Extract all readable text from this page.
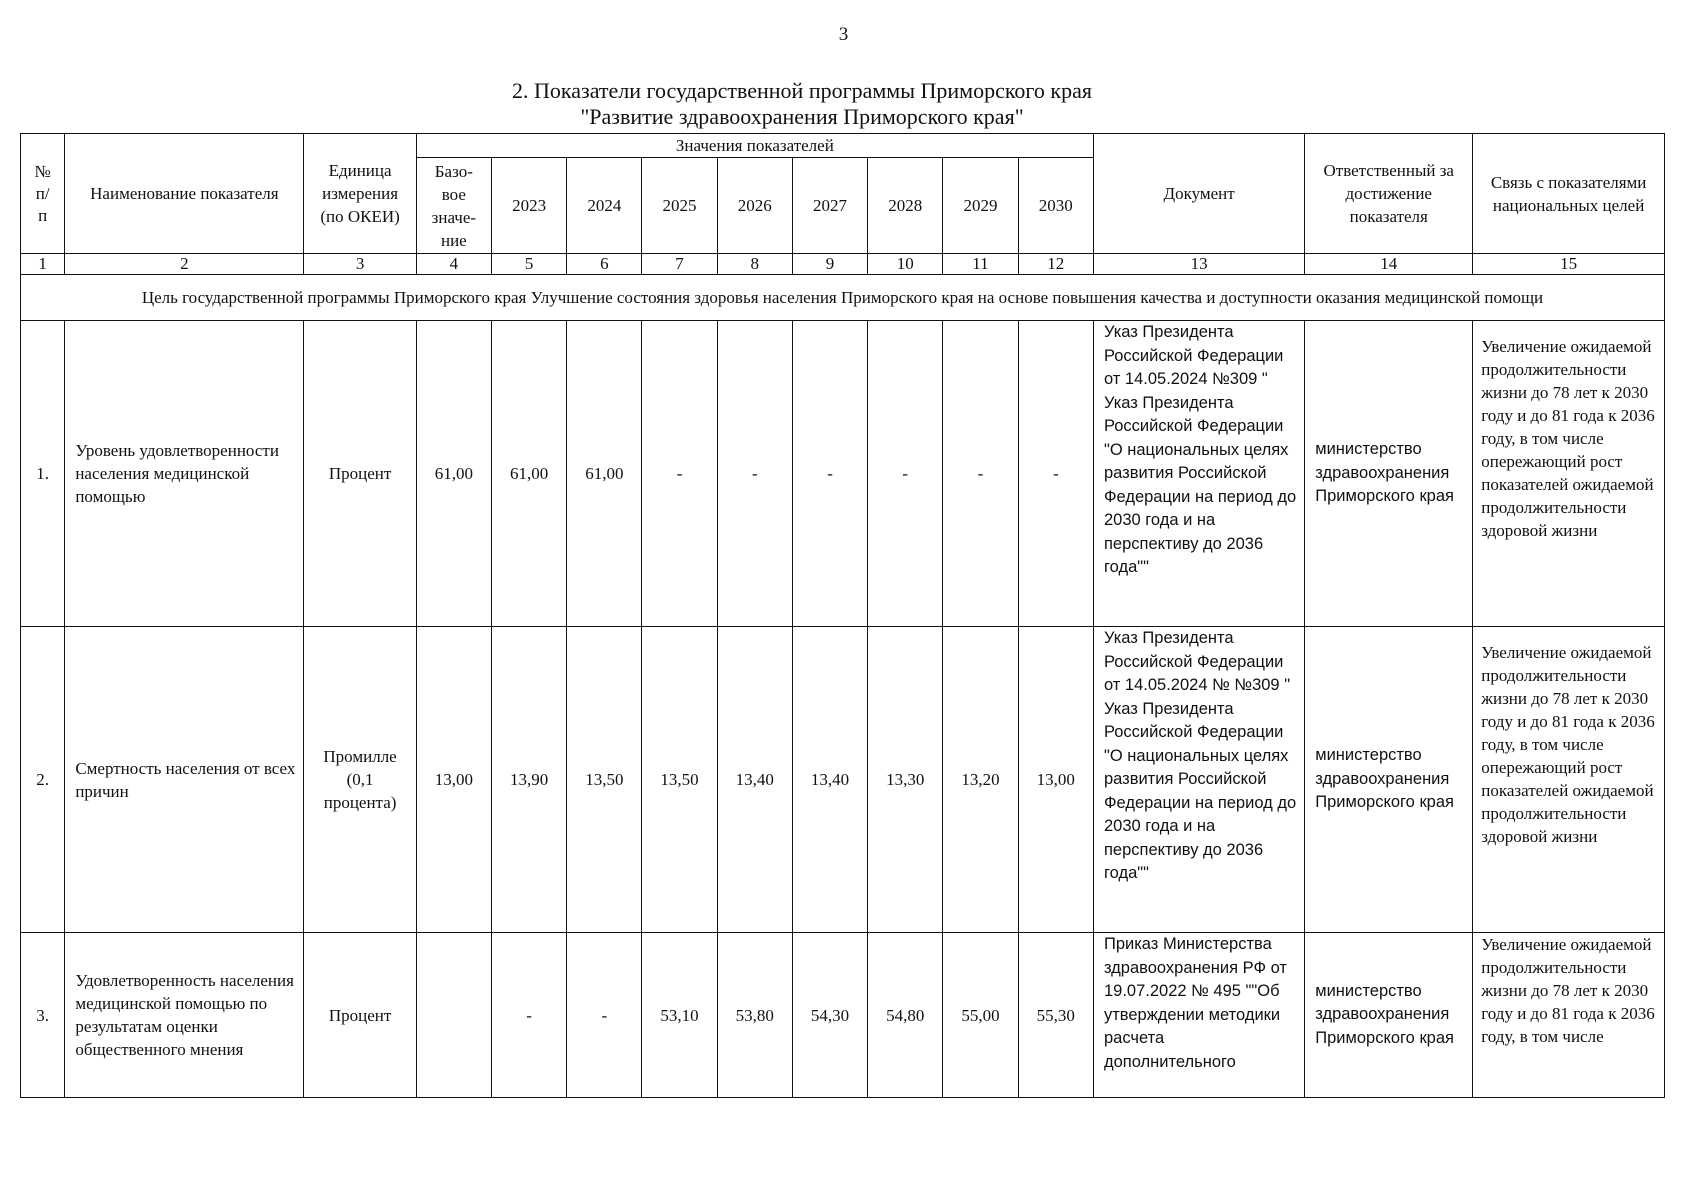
3
2. Показатели государственной программы Приморского края
"Развитие здравоохранения Приморского края"
№ п/ п	Наименование показателя	Единица измерения (по ОКЕИ)	Значения показателей									Документ	Ответственный за достижение показателя	Связь с показателями национальных целей
			Базо-вое значе-ние	2023	2024	2025	2026	2027	2028	2029	2030			
1	2	3	4	5	6	7	8	9	10	11	12	13	14	15
Цель государственной программы Приморского края Улучшение состояния здоровья населения Приморского края на основе повышения качества и доступности оказания медицинской помощи														
1.	Уровень удовлетворенности населения медицинской помощью	Процент	61,00	61,00	61,00	-	-	-	-	-	-	Указ Президента Российской Федерации от 14.05.2024 №309 " Указ Президента Российской Федерации "О национальных целях развития Российской Федерации на период до 2030 года и на перспективу до 2036 года""	министерство здравоохранения Приморского края	Увеличение ожидаемой продолжительности жизни до 78 лет к 2030 году и до 81 года к 2036 году, в том числе опережающий рост показателей ожидаемой продолжительности здоровой жизни
2.	Смертность населения от всех причин	Промилле (0,1 процента)	13,00	13,90	13,50	13,50	13,40	13,40	13,30	13,20	13,00	Указ Президента Российской Федерации от 14.05.2024 № №309 " Указ Президента Российской Федерации "О национальных целях развития Российской Федерации на период до 2030 года и на перспективу до 2036 года""	министерство здравоохранения Приморского края	Увеличение ожидаемой продолжительности жизни до 78 лет к 2030 году и до 81 года к 2036 году, в том числе опережающий рост показателей ожидаемой продолжительности здоровой жизни
3.	Удовлетворенность населения медицинской помощью по результатам оценки общественного мнения	Процент		-	-	53,10	53,80	54,30	54,80	55,00	55,30	Приказ Министерства здравоохранения РФ от 19.07.2022 № 495 ""Об утверждении методики расчета дополнительного	министерство здравоохранения Приморского края	Увеличение ожидаемой продолжительности жизни до 78 лет к 2030 году и до 81 года к 2036 году, в том числе
